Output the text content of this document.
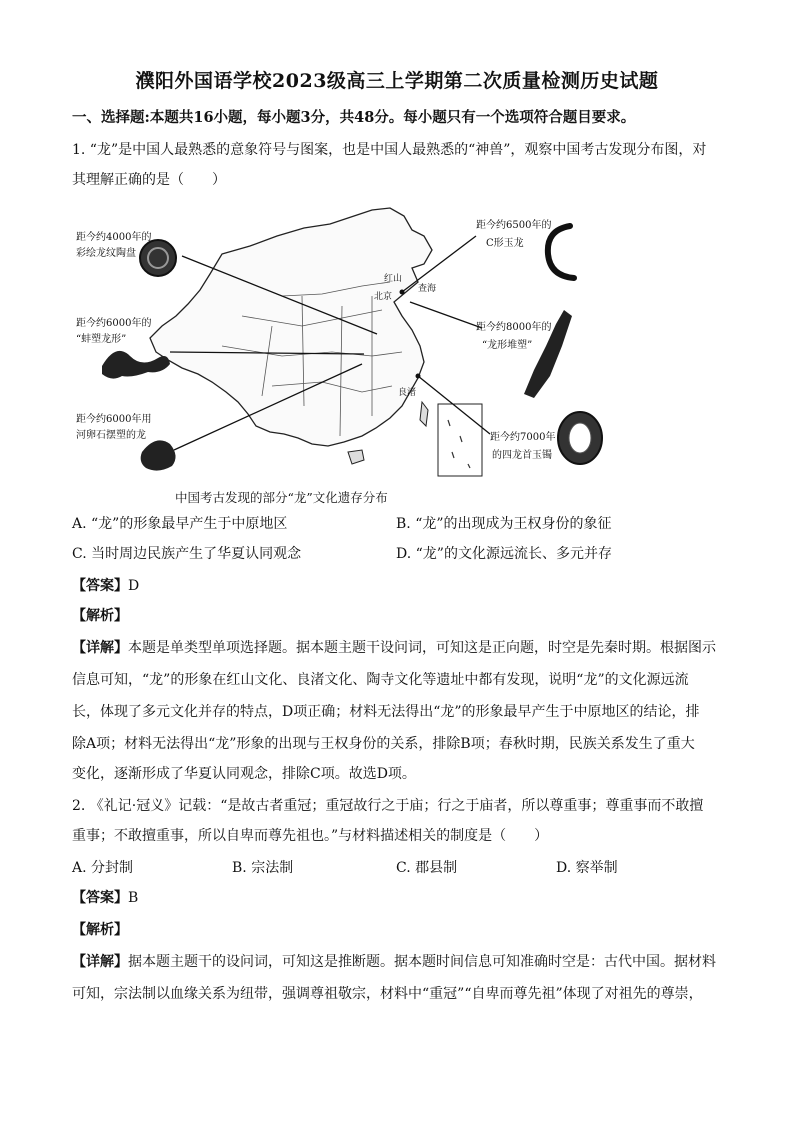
濮阳外国语学校2023级高三上学期第二次质量检测历史试题
一、选择题:本题共16小题，每小题3分，共48分。每小题只有一个选项符合题目要求。
1. “龙”是中国人最熟悉的意象符号与图案，也是中国人最熟悉的“神兽”，观察中国考古发现分布图，对
其理解正确的是（　　）
距今约4000年的
彩绘龙纹陶盘
距今约6000年的
“蚌塑龙形”
距今约6000年用
河卵石摆塑的龙
距今约6500年的
C形玉龙
距今约8000年的
“龙形堆塑”
距今约7000年
的四龙首玉镯
红山
北京
查海
良渚
中国考古发现的部分“龙”文化遗存分布
A. “龙”的形象最早产生于中原地区	B. “龙”的出现成为王权身份的象征
C. 当时周边民族产生了华夏认同观念	D. “龙”的文化源远流长、多元并存
【答案】D
【解析】
【详解】本题是单类型单项选择题。据本题主题干设问词，可知这是正向题，时空是先秦时期。根据图示
信息可知，“龙”的形象在红山文化、良渚文化、陶寺文化等遗址中都有发现，说明“龙”的文化源远流
长，体现了多元文化并存的特点，D项正确；材料无法得出“龙”的形象最早产生于中原地区的结论，排
除A项；材料无法得出“龙”形象的出现与王权身份的关系，排除B项；春秋时期，民族关系发生了重大
变化，逐渐形成了华夏认同观念，排除C项。故选D项。
2. 《礼记·冠义》记载：“是故古者重冠；重冠故行之于庙；行之于庙者，所以尊重事；尊重事而不敢擅
重事；不敢擅重事，所以自卑而尊先祖也。”与材料描述相关的制度是（　　）
A. 分封制	B. 宗法制	C. 郡县制	D. 察举制
【答案】B
【解析】
【详解】据本题主题干的设问词，可知这是推断题。据本题时间信息可知准确时空是：古代中国。据材料
可知，宗法制以血缘关系为纽带，强调尊祖敬宗，材料中“重冠”“自卑而尊先祖”体现了对祖先的尊崇，
